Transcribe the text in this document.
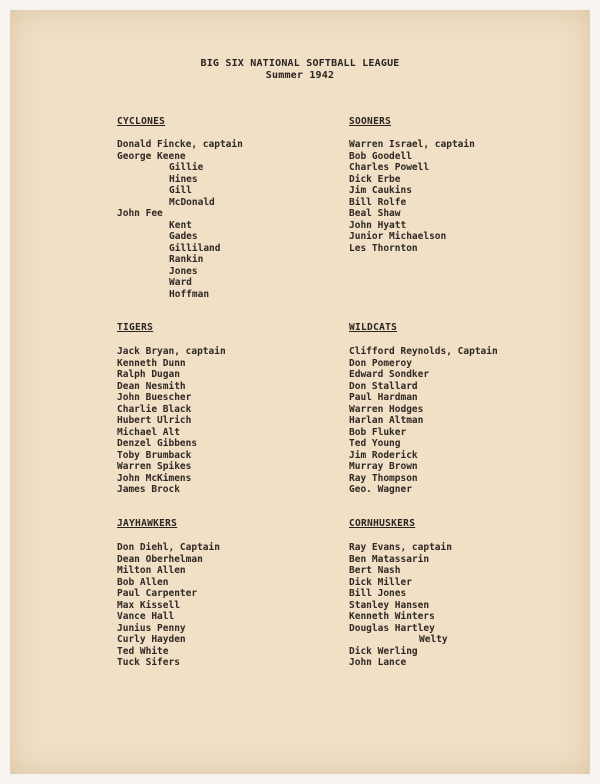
BIG SIX NATIONAL SOFTBALL LEAGUE
Summer 1942
CYCLONES
Donald Fincke, captain
George Keene
Gillie
Hines
Gill
McDonald
John Fee
Kent
Gades
Gilliland
Rankin
Jones
Ward
Hoffman
SOONERS
Warren Israel, captain
Bob Goodell
Charles Powell
Dick Erbe
Jim Caukins
Bill Rolfe
Beal Shaw
John Hyatt
Junior Michaelson
Les Thornton
TIGERS
Jack Bryan, captain
Kenneth Dunn
Ralph Dugan
Dean Nesmith
John Buescher
Charlie Black
Hubert Ulrich
Michael Alt
Denzel Gibbens
Toby Brumback
Warren Spikes
John McKimens
James Brock
WILDCATS
Clifford Reynolds, Captain
Don Pomeroy
Edward Sondker
Don Stallard
Paul Hardman
Warren Hodges
Harlan Altman
Bob Fluker
Ted Young
Jim Roderick
Murray Brown
Ray Thompson
Geo. Wagner
JAYHAWKERS
Don Diehl, Captain
Dean Oberhelman
Milton Allen
Bob Allen
Paul Carpenter
Max Kissell
Vance Hall
Junius Penny
Curly Hayden
Ted White
Tuck Sifers
CORNHUSKERS
Ray Evans, captain
Ben Matassarin
Bert Nash
Dick Miller
Bill Jones
Stanley Hansen
Kenneth Winters
Douglas Hartley
Welty
Dick Werling
John Lance
